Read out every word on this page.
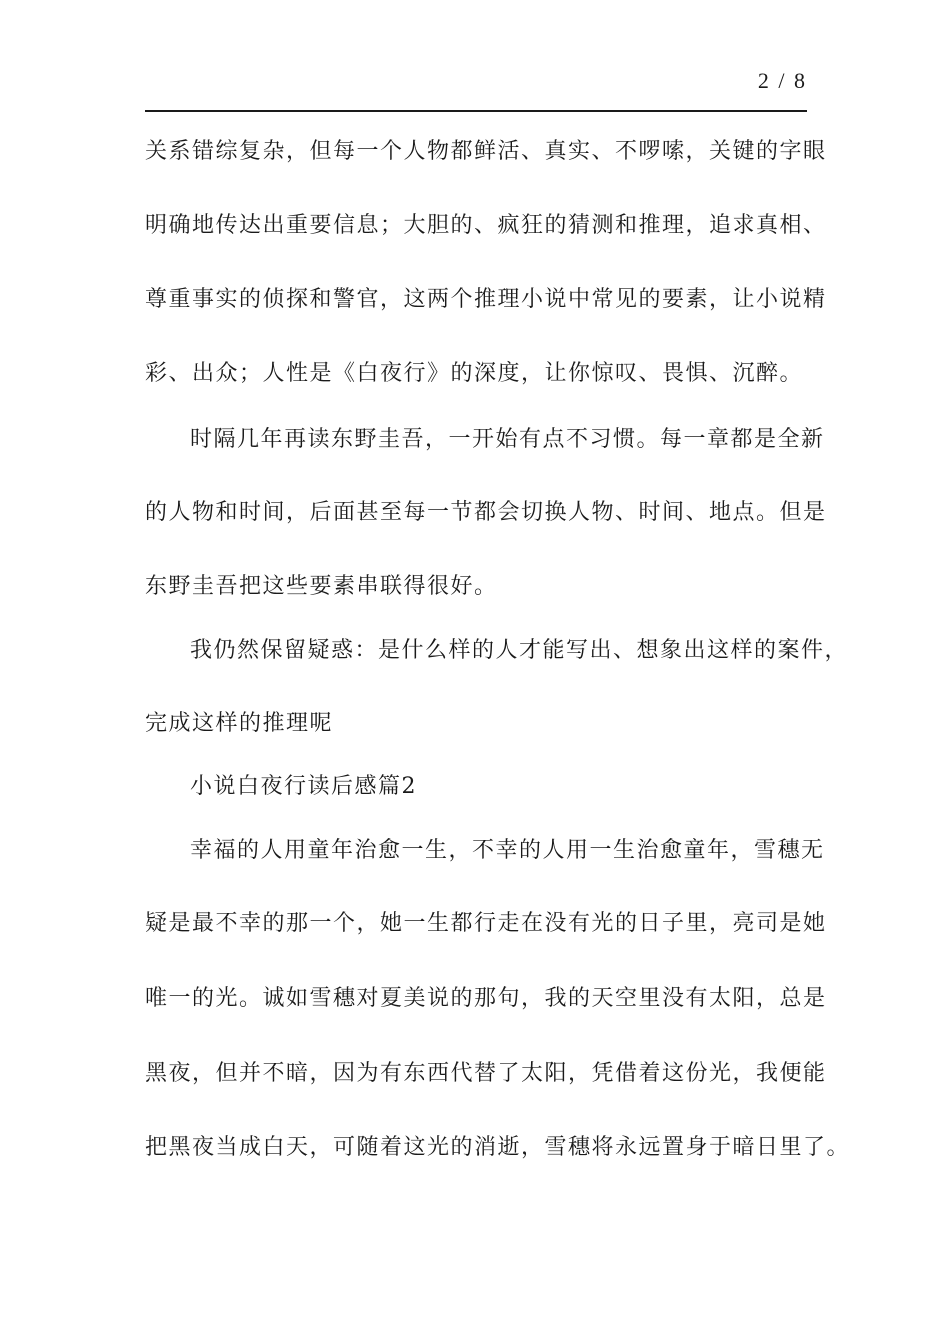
2 / 8
关系错综复杂，但每一个人物都鲜活、真实、不啰嗦，关键的字眼
明确地传达出重要信息；大胆的、疯狂的猜测和推理，追求真相、
尊重事实的侦探和警官，这两个推理小说中常见的要素，让小说精
彩、出众；人性是《白夜行》的深度，让你惊叹、畏惧、沉醉。
时隔几年再读东野圭吾，一开始有点不习惯。每一章都是全新
的人物和时间，后面甚至每一节都会切换人物、时间、地点。但是
东野圭吾把这些要素串联得很好。
我仍然保留疑惑：是什么样的人才能写出、想象出这样的案件，
完成这样的推理呢
小说白夜行读后感篇2
幸福的人用童年治愈一生，不幸的人用一生治愈童年，雪穗无
疑是最不幸的那一个，她一生都行走在没有光的日子里，亮司是她
唯一的光。诚如雪穗对夏美说的那句，我的天空里没有太阳，总是
黑夜，但并不暗，因为有东西代替了太阳，凭借着这份光，我便能
把黑夜当成白天，可随着这光的消逝，雪穗将永远置身于暗日里了。
